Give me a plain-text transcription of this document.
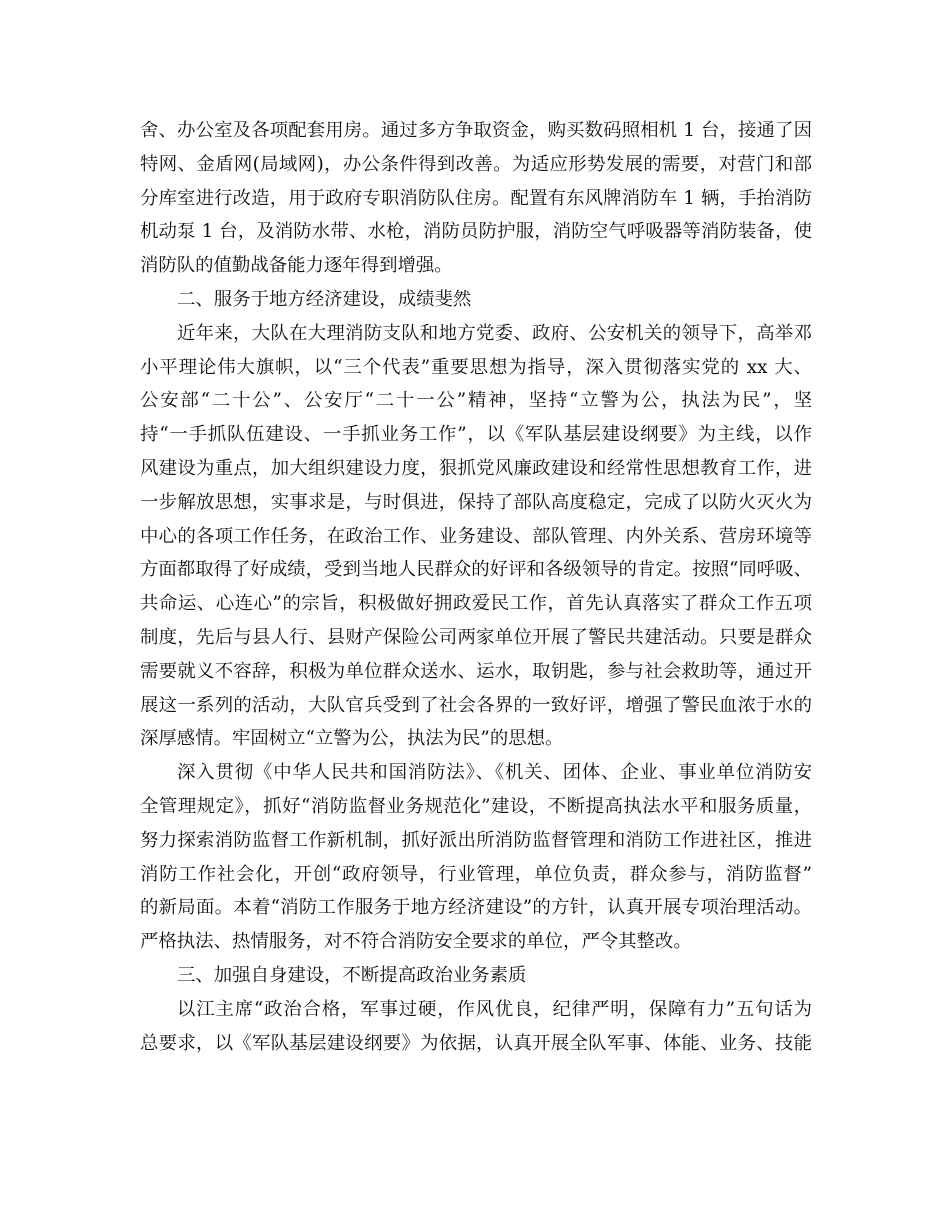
舍、办公室及各项配套用房。通过多方争取资金，购买数码照相机 1 台，接通了因
特网、金盾网(局域网)，办公条件得到改善。为适应形势发展的需要，对营门和部
分库室进行改造，用于政府专职消防队住房。配置有东风牌消防车 1 辆，手抬消防
机动泵 1 台，及消防水带、水枪，消防员防护服，消防空气呼吸器等消防装备，使
消防队的值勤战备能力逐年得到增强。
二、服务于地方经济建设，成绩斐然
近年来，大队在大理消防支队和地方党委、政府、公安机关的领导下，高举邓
小平理论伟大旗帜，以“三个代表”重要思想为指导，深入贯彻落实党的 xx 大、
公安部“二十公”、公安厅“二十一公”精神，坚持“立警为公，执法为民”，坚
持“一手抓队伍建设、一手抓业务工作”，以《军队基层建设纲要》为主线，以作
风建设为重点，加大组织建设力度，狠抓党风廉政建设和经常性思想教育工作，进
一步解放思想，实事求是，与时俱进，保持了部队高度稳定，完成了以防火灭火为
中心的各项工作任务，在政治工作、业务建设、部队管理、内外关系、营房环境等
方面都取得了好成绩，受到当地人民群众的好评和各级领导的肯定。按照“同呼吸、
共命运、心连心”的宗旨，积极做好拥政爱民工作，首先认真落实了群众工作五项
制度，先后与县人行、县财产保险公司两家单位开展了警民共建活动。只要是群众
需要就义不容辞，积极为单位群众送水、运水，取钥匙，参与社会救助等，通过开
展这一系列的活动，大队官兵受到了社会各界的一致好评，增强了警民血浓于水的
深厚感情。牢固树立“立警为公，执法为民”的思想。
深入贯彻《中华人民共和国消防法》、《机关、团体、企业、事业单位消防安
全管理规定》，抓好“消防监督业务规范化”建设，不断提高执法水平和服务质量，
努力探索消防监督工作新机制，抓好派出所消防监督管理和消防工作进社区，推进
消防工作社会化，开创“政府领导，行业管理，单位负责，群众参与，消防监督”
的新局面。本着“消防工作服务于地方经济建设”的方针，认真开展专项治理活动。
严格执法、热情服务，对不符合消防安全要求的单位，严令其整改。
三、加强自身建设，不断提高政治业务素质
以江主席“政治合格，军事过硬，作风优良，纪律严明，保障有力”五句话为
总要求，以《军队基层建设纲要》为依据，认真开展全队军事、体能、业务、技能
